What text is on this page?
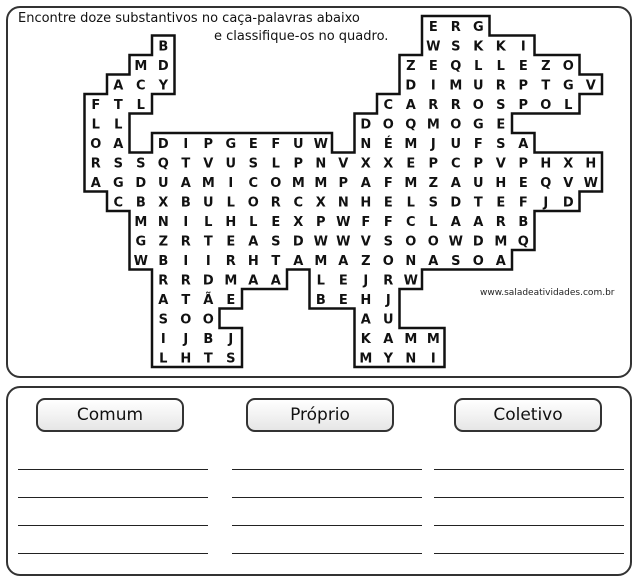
Encontre doze substantivos no caça-palavras abaixo
e classifique-os no quadro.
E R G
B	W S K K I
M D	Z E Q L L E Z O
A C Y	D I M U R P T G V
F T L	C A R R O S P O L
L L	D O Q M O G E
O A	D I P G E F U W N É M J U F S A
R S S Q T V U S L P N V X X E P C P V P H X H
A G D U A M I C O M M P A F M Z A U H E Q V W
C B X B U L O R C X N H E L S D T E F J D
M N I L H L E X P W F F C L A A R B
G Z R T E A S D W W V S O O W D M Q
W B I I R H T A M A Z O N A S O A
R R D M A A	L E J R W
A T Ã E	B E H J
S O O	A U
I J B J	K A M M
L H T S	M Y N I
www.saladeatividades.com.br
Comum	Próprio	Coletivo
